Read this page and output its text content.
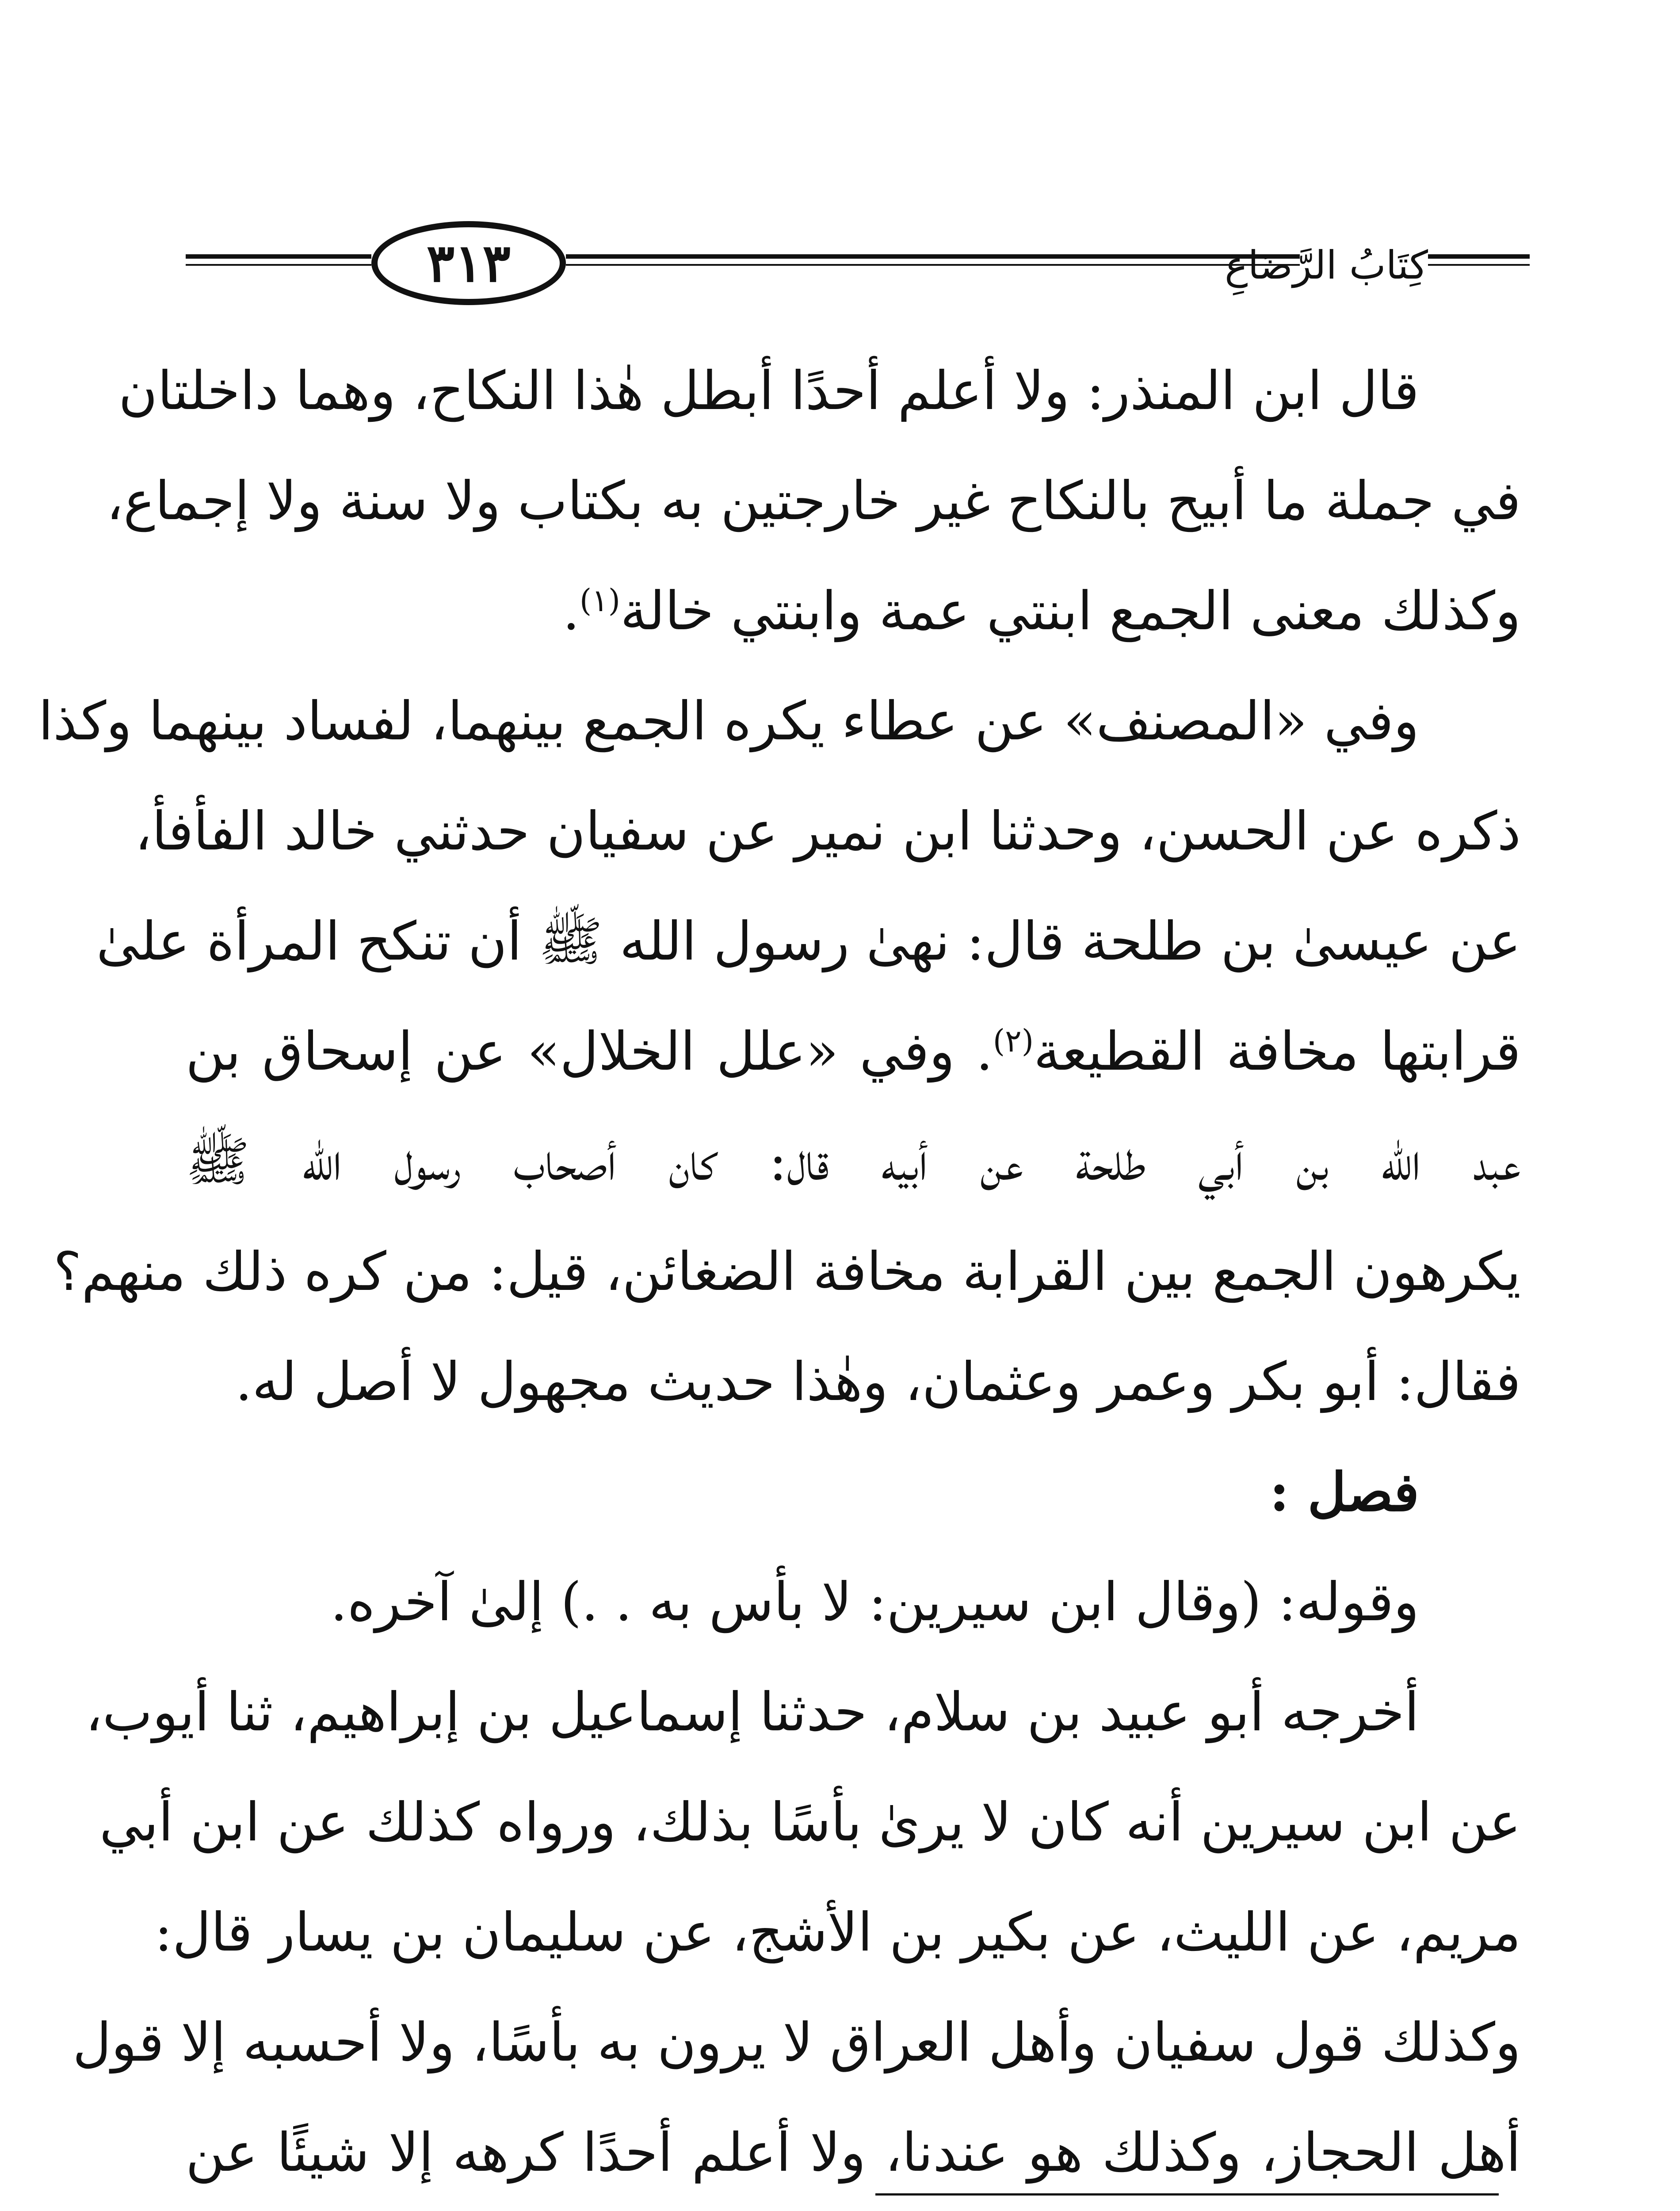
٣١٣	كِتَابُ الرَّضَاعِ
قال ابن المنذر: ولا أعلم أحدًا أبطل هٰذا النكاح، وهما داخلتان
في جملة ما أبيح بالنكاح غير خارجتين به بكتاب ولا سنة ولا إجماع،
وكذلك معنى الجمع ابنتي عمة وابنتي خالة$^{(١)}$.
وفي «المصنف» عن عطاء يكره الجمع بينهما، لفساد بينهما وكذا
ذكره عن الحسن، وحدثنا ابن نمير عن سفيان حدثني خالد الفأفأ،
عن عيسىٰ بن طلحة قال: نهىٰ رسول الله ﷺ أن تنكح المرأة علىٰ
قرابتها مخافة القطيعة$^{(٢)}$. وفي «علل الخلال» عن إسحاق بن
عبد الله بن أبي طلحة عن أبيه قال: كان أصحاب رسول الله ﷺ
يكرهون الجمع بين القرابة مخافة الضغائن، قيل: من كره ذلك منهم؟
فقال: أبو بكر وعمر وعثمان، وهٰذا حديث مجهول لا أصل له.
فصل :
وقوله: (وقال ابن سيرين: لا بأس به . .) إلىٰ آخره.
أخرجه أبو عبيد بن سلام، حدثنا إسماعيل بن إبراهيم، ثنا أيوب،
عن ابن سيرين أنه كان لا يرىٰ بأسًا بذلك، ورواه كذلك عن ابن أبي
مريم، عن الليث، عن بكير بن الأشج، عن سليمان بن يسار قال:
وكذلك قول سفيان وأهل العراق لا يرون به بأسًا، ولا أحسبه إلا قول
أهل الحجاز، وكذلك هو عندنا، ولا أعلم أحدًا كرهه إلا شيئًا عن
